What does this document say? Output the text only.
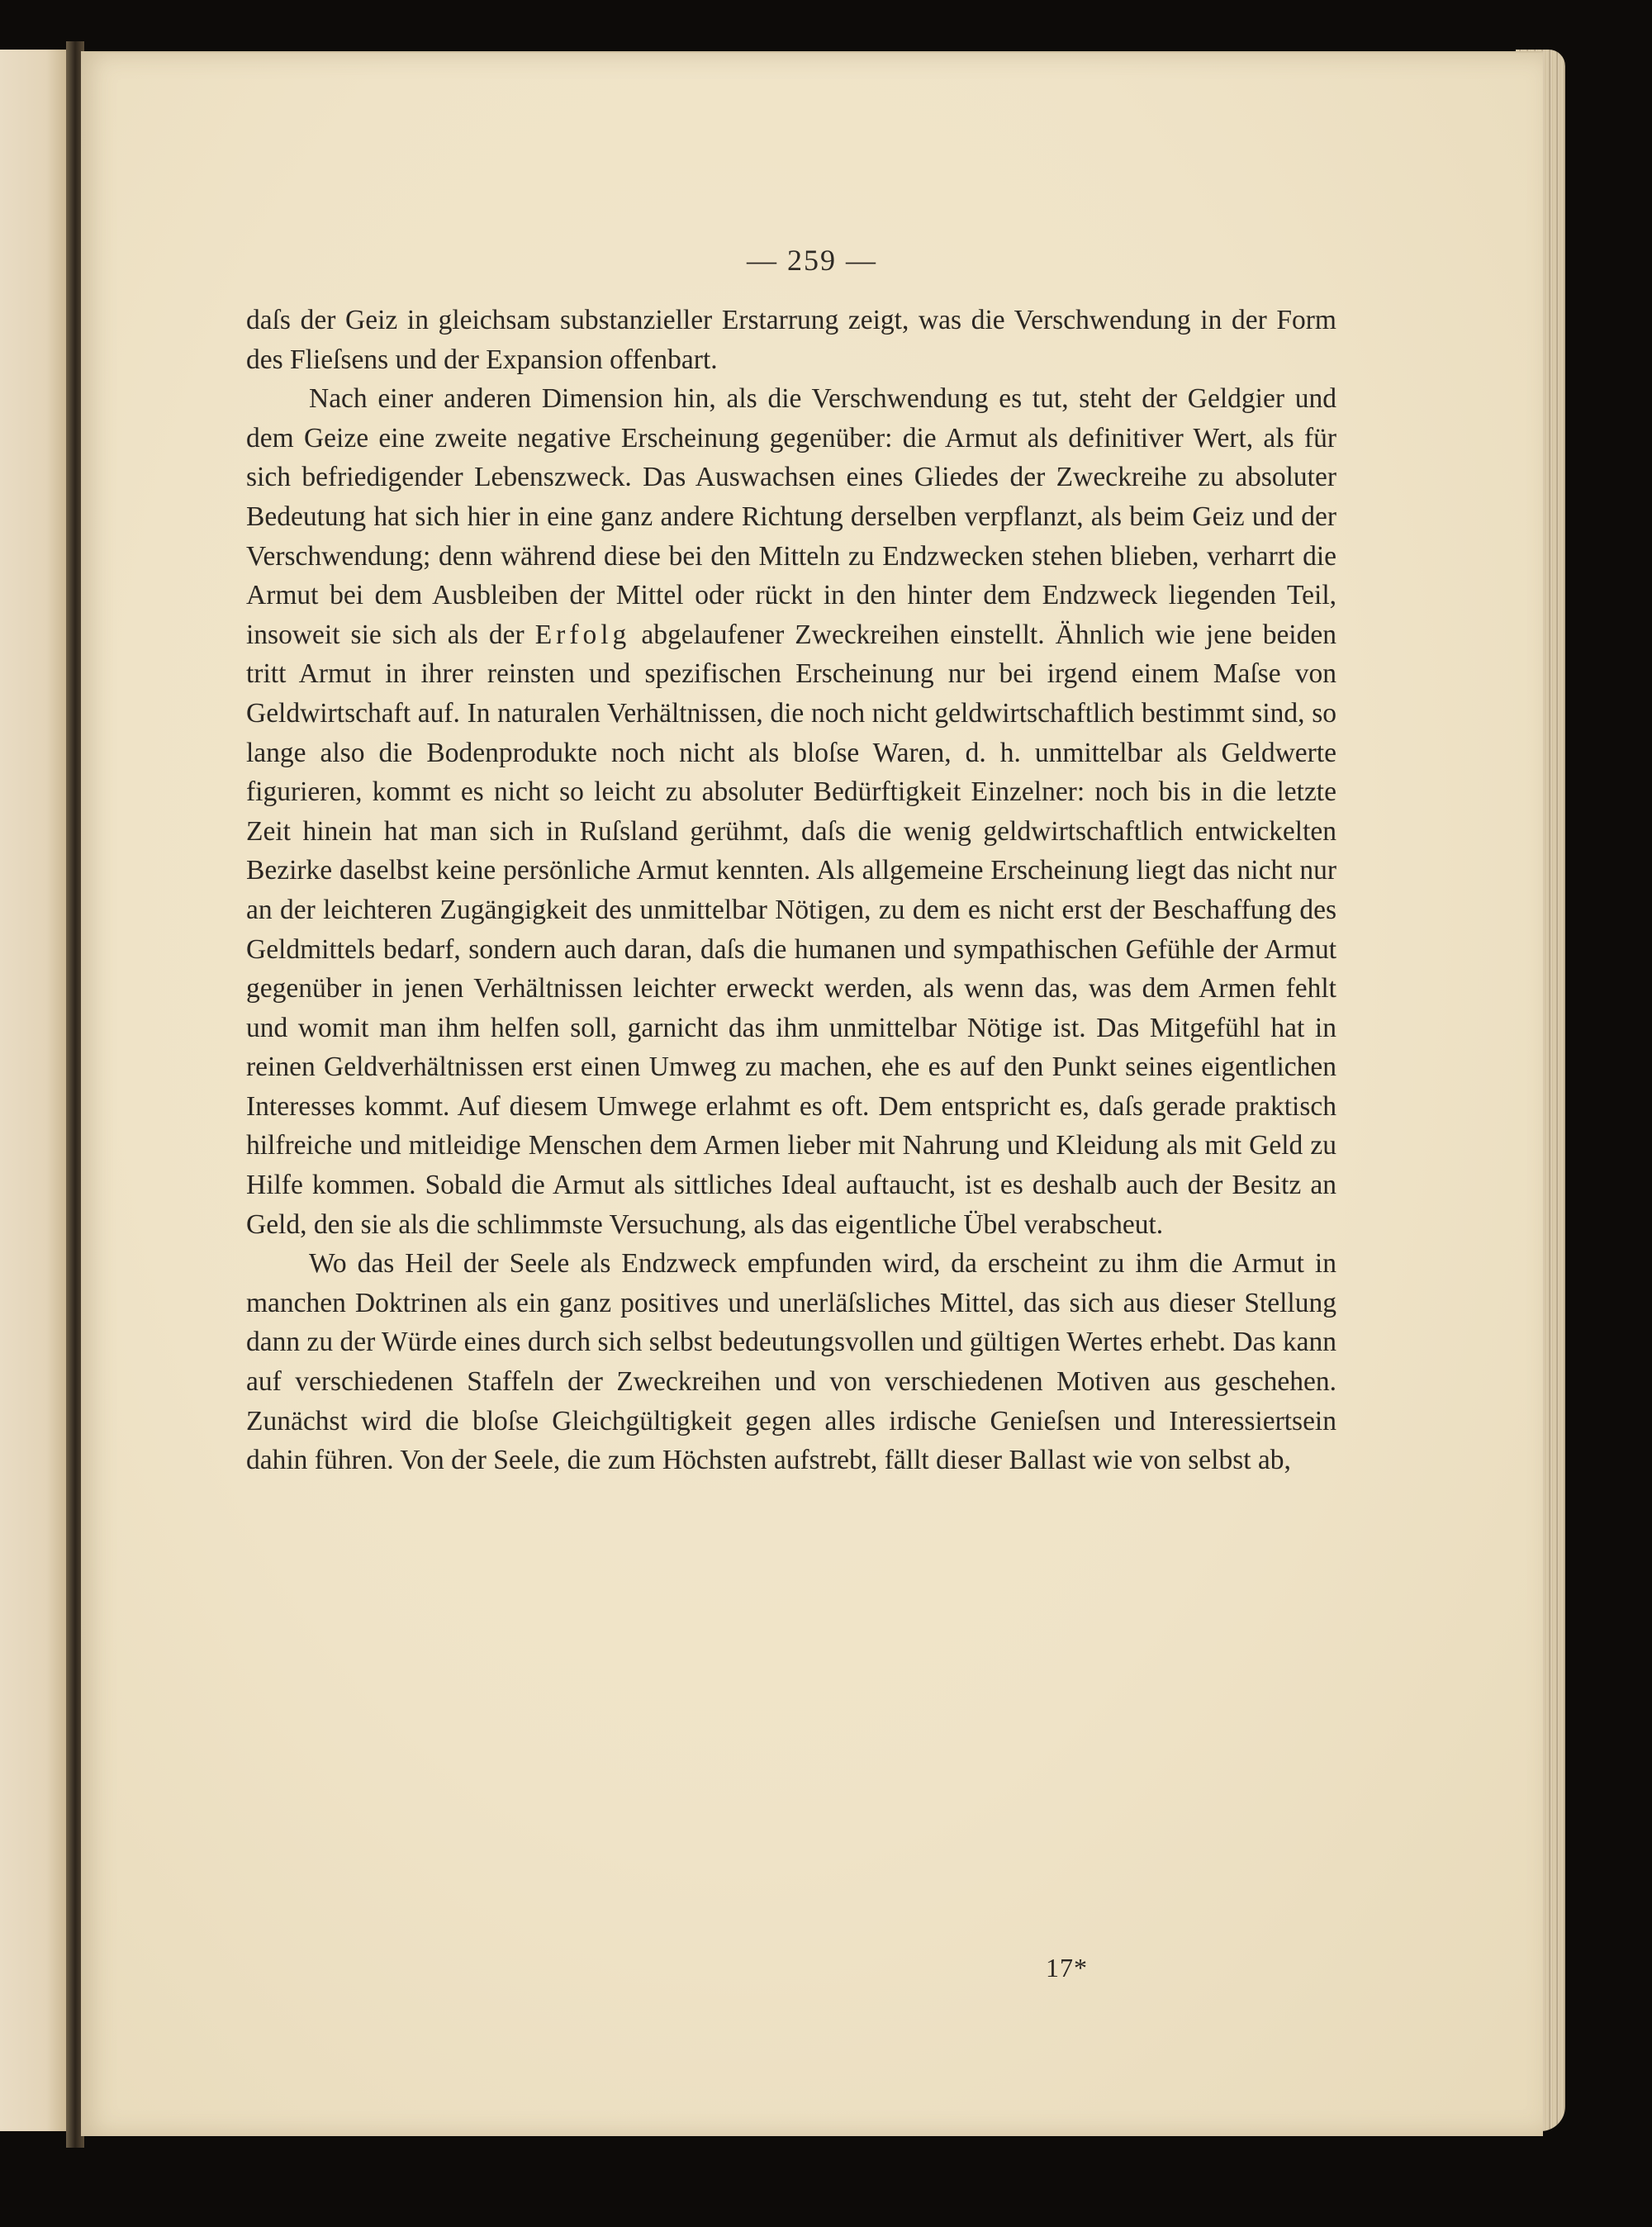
— 259 —

daſs der Geiz in gleichsam substanzieller Erstarrung zeigt, was die Verschwendung in der Form des Flieſsens und der Expansion offenbart.

Nach einer anderen Dimension hin, als die Verschwendung es tut, steht der Geldgier und dem Geize eine zweite negative Erscheinung gegenüber: die Armut als definitiver Wert, als für sich befriedigender Lebenszweck. Das Auswachsen eines Gliedes der Zweckreihe zu absoluter Bedeutung hat sich hier in eine ganz andere Richtung derselben verpflanzt, als beim Geiz und der Verschwendung; denn während diese bei den Mitteln zu Endzwecken stehen blieben, verharrt die Armut bei dem Ausbleiben der Mittel oder rückt in den hinter dem Endzweck liegenden Teil, insoweit sie sich als der Erfolg abgelaufener Zweckreihen einstellt. Ähnlich wie jene beiden tritt Armut in ihrer reinsten und spezifischen Erscheinung nur bei irgend einem Maſse von Geldwirtschaft auf. In naturalen Verhältnissen, die noch nicht geldwirtschaftlich bestimmt sind, so lange also die Bodenprodukte noch nicht als bloſse Waren, d. h. unmittelbar als Geldwerte figurieren, kommt es nicht so leicht zu absoluter Bedürftigkeit Einzelner: noch bis in die letzte Zeit hinein hat man sich in Ruſsland gerühmt, daſs die wenig geldwirtschaftlich entwickelten Bezirke daselbst keine persönliche Armut kennten. Als allgemeine Erscheinung liegt das nicht nur an der leichteren Zugängigkeit des unmittelbar Nötigen, zu dem es nicht erst der Beschaffung des Geldmittels bedarf, sondern auch daran, daſs die humanen und sympathischen Gefühle der Armut gegenüber in jenen Verhältnissen leichter erweckt werden, als wenn das, was dem Armen fehlt und womit man ihm helfen soll, garnicht das ihm unmittelbar Nötige ist. Das Mitgefühl hat in reinen Geldverhältnissen erst einen Umweg zu machen, ehe es auf den Punkt seines eigentlichen Interesses kommt. Auf diesem Umwege erlahmt es oft. Dem entspricht es, daſs gerade praktisch hilfreiche und mitleidige Menschen dem Armen lieber mit Nahrung und Kleidung als mit Geld zu Hilfe kommen. Sobald die Armut als sittliches Ideal auftaucht, ist es deshalb auch der Besitz an Geld, den sie als die schlimmste Versuchung, als das eigentliche Übel verabscheut.

Wo das Heil der Seele als Endzweck empfunden wird, da erscheint zu ihm die Armut in manchen Doktrinen als ein ganz positives und unerläſsliches Mittel, das sich aus dieser Stellung dann zu der Würde eines durch sich selbst bedeutungsvollen und gültigen Wertes erhebt. Das kann auf verschiedenen Staffeln der Zweckreihen und von verschiedenen Motiven aus geschehen. Zunächst wird die bloſse Gleichgültigkeit gegen alles irdische Genieſsen und Interessiertsein dahin führen. Von der Seele, die zum Höchsten aufstrebt, fällt dieser Ballast wie von selbst ab,

17*
